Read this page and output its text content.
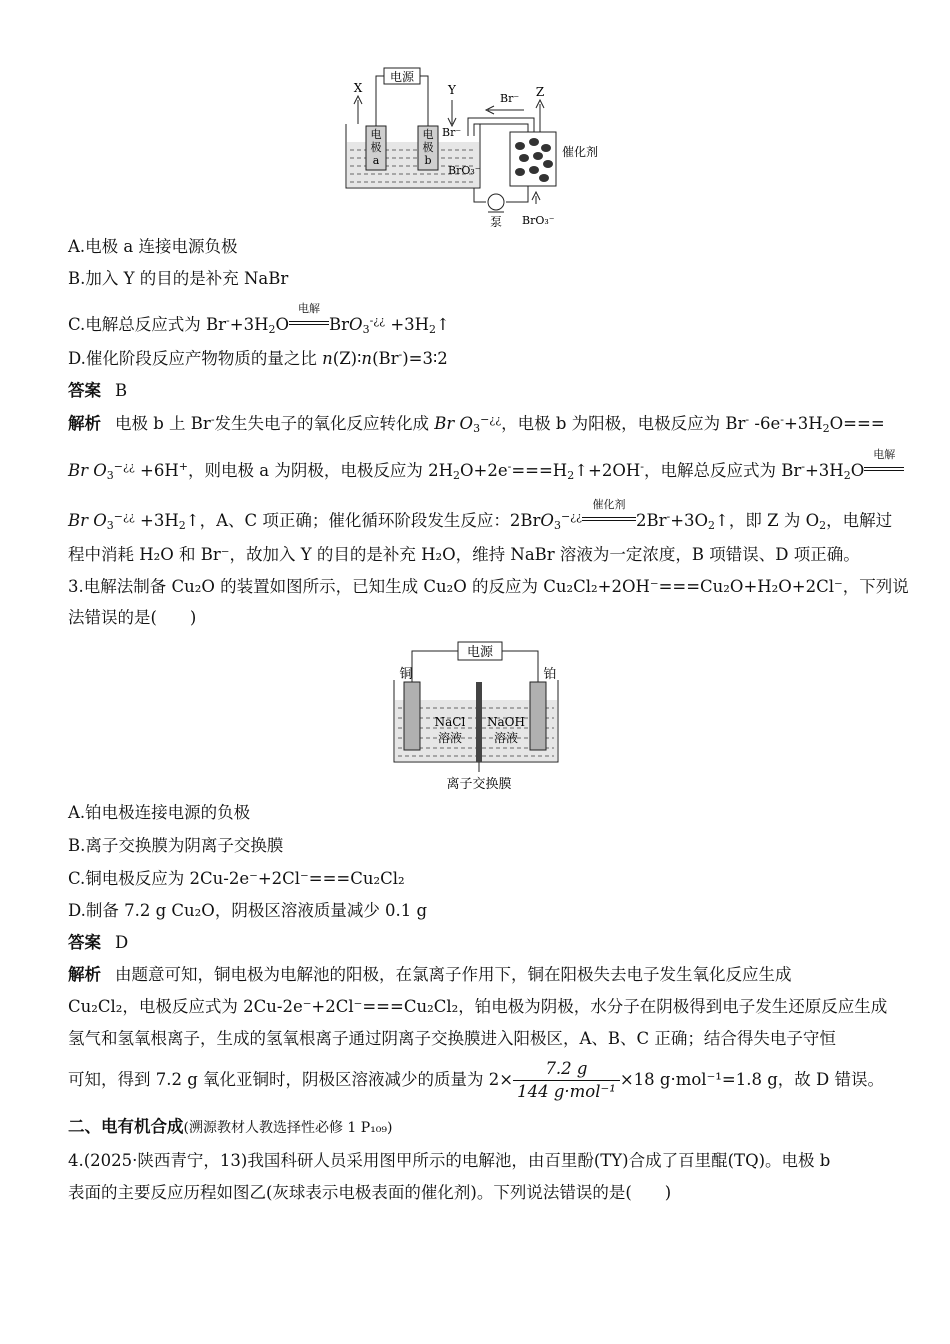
电源
电
极
a
电
极
b
X	Y
Br⁻
BrO₃⁻
Br⁻ Z
催化剂
泵 BrO₃⁻
A.电极 a 连接电源负极
B.加入 Y 的目的是补充 NaBr
C.电解总反应式为 $Br^-+3H_2O$
电解
$BrO_3^{-¿¿} +3H_2↑$
D.催化阶段反应产物物质的量之比 n(Z)∶n(Br-)=3∶2
答案 B
解析 电极 b 上 Br-发生失电子的氧化反应转化成 Br $O_3^{-¿¿}$，电极 b 为阳极，电极反应为 Br- $-6e^-+3H_2O===$
Br $O_3^{-¿¿} +6H^+$，则电极 a 为阴极，电极反应为 $2H_2O+2e^-===H_2↑+2OH^-$，电解总反应式为 $Br^-+3H_2O$
电解
Br $O_3^{-¿¿}$ $+3H_2↑$，A、C 项正确；催化循环阶段发生反应：2BrO$_3$−¿¿
催化剂
$2Br^-+3O_2↑$，即 Z 为 $O_2$，电解过
程中消耗 H₂O 和 Br⁻，故加入 Y 的目的是补充 H₂O，维持 NaBr 溶液为一定浓度，B 项错误、D 项正确。
3.电解法制备 Cu₂O 的装置如图所示，已知生成 Cu₂O 的反应为 Cu₂Cl₂+2OH⁻===Cu₂O+H₂O+2Cl⁻，下列说
法错误的是(　　)
电源
铜	铂
NaCl
溶液
NaOH
溶液
离子交换膜
A.铂电极连接电源的负极
B.离子交换膜为阴离子交换膜
C.铜电极反应为 2Cu-2e⁻+2Cl⁻===Cu₂Cl₂
D.制备 7.2 g Cu₂O，阴极区溶液质量减少 0.1 g
答案 D
解析 由题意可知，铜电极为电解池的阳极，在氯离子作用下，铜在阳极失去电子发生氧化反应生成
Cu₂Cl₂，电极反应式为 2Cu-2e⁻+2Cl⁻===Cu₂Cl₂，铂电极为阴极，水分子在阴极得到电子发生还原反应生成
氢气和氢氧根离子，生成的氢氧根离子通过阴离子交换膜进入阳极区，A、B、C 正确；结合得失电子守恒
可知，得到 7.2 g 氧化亚铜时，阴极区溶液减少的质量为 $2\times \frac{7.2 g}{\text{144 g·mol⁻¹}} \times 18$ g·mol⁻¹=1.8 g，故 D 错误。
二、电有机合成(溯源教材人教选择性必修 1 P₁₀₉)
4.(2025·陕西青宁，13)我国科研人员采用图甲所示的电解池，由百里酚(TY)合成了百里醌(TQ)。电极 b
表面的主要反应历程如图乙(灰球表示电极表面的催化剂)。下列说法错误的是(　　)
